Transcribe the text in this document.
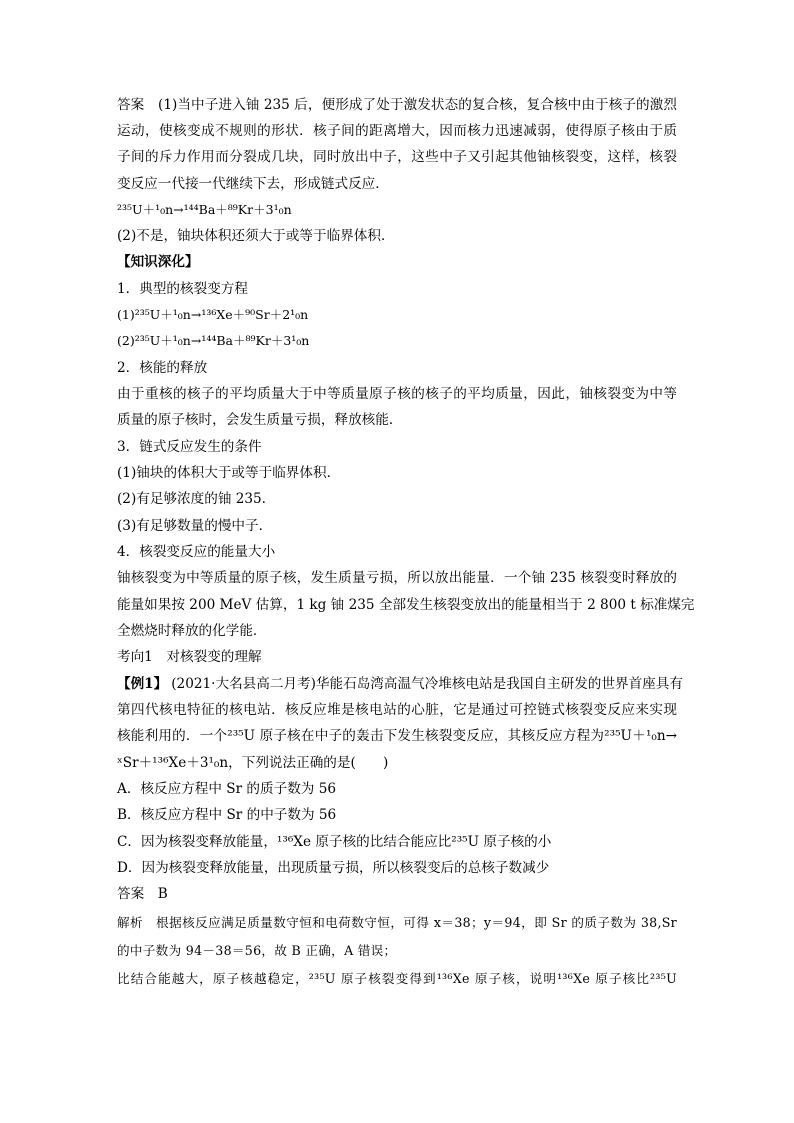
答案　(1)当中子进入铀 235 后，便形成了处于激发状态的复合核，复合核中由于核子的激烈
运动，使核变成不规则的形状．核子间的距离增大，因而核力迅速减弱，使得原子核由于质
子间的斥力作用而分裂成几块，同时放出中子，这些中子又引起其他铀核裂变，这样，核裂
变反应一代接一代继续下去，形成链式反应．
²³⁵U＋¹₀n→¹⁴⁴Ba＋⁸⁹Kr＋3¹₀n
(2)不是，铀块体积还须大于或等于临界体积．
【知识深化】
1．典型的核裂变方程
(1)²³⁵U＋¹₀n→¹³⁶Xe＋⁹⁰Sr＋2¹₀n
(2)²³⁵U＋¹₀n→¹⁴⁴Ba＋⁸⁹Kr＋3¹₀n
2．核能的释放
由于重核的核子的平均质量大于中等质量原子核的核子的平均质量，因此，铀核裂变为中等
质量的原子核时，会发生质量亏损，释放核能．
3．链式反应发生的条件
(1)铀块的体积大于或等于临界体积．
(2)有足够浓度的铀 235.
(3)有足够数量的慢中子．
4．核裂变反应的能量大小
铀核裂变为中等质量的原子核，发生质量亏损，所以放出能量．一个铀 235 核裂变时释放的
能量如果按 200 MeV 估算，1 kg 铀 235 全部发生核裂变放出的能量相当于 2 800 t 标准煤完
全燃烧时释放的化学能．
考向1　对核裂变的理解
【例1】 (2021·大名县高二月考)华能石岛湾高温气冷堆核电站是我国自主研发的世界首座具有
第四代核电特征的核电站．核反应堆是核电站的心脏，它是通过可控链式核裂变反应来实现
核能利用的．一个²³⁵U 原子核在中子的轰击下发生核裂变反应，其核反应方程为²³⁵U＋¹₀n→
ˣSr＋¹³⁶Xe＋3¹₀n，下列说法正确的是(　　)
A．核反应方程中 Sr 的质子数为 56
B．核反应方程中 Sr 的中子数为 56
C．因为核裂变释放能量，¹³⁶Xe 原子核的比结合能应比²³⁵U 原子核的小
D．因为核裂变释放能量，出现质量亏损，所以核裂变后的总核子数减少
答案　B
解析　根据核反应满足质量数守恒和电荷数守恒，可得 x＝38；y＝94，即 Sr 的质子数为 38,Sr
的中子数为 94－38＝56，故 B 正确，A 错误；
比结合能越大，原子核越稳定，²³⁵U 原子核裂变得到¹³⁶Xe 原子核，说明¹³⁶Xe 原子核比²³⁵U
